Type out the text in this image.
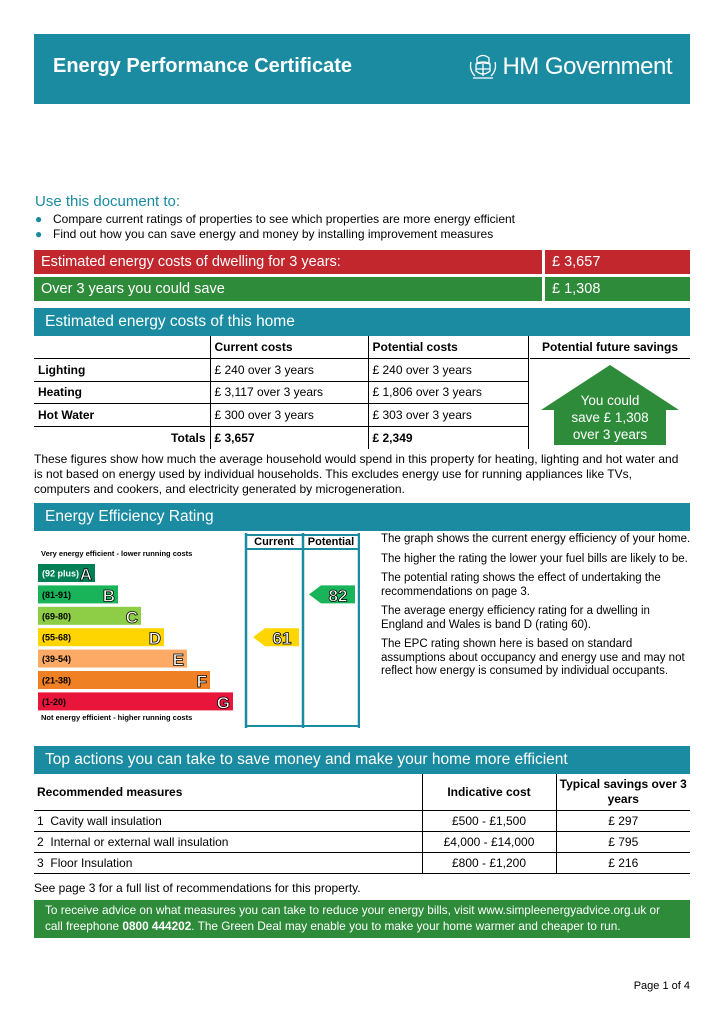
Energy Performance Certificate	HM Government
Use this document to:
● Compare current ratings of properties to see which properties are more energy efficient
● Find out how you can save energy and money by installing improvement measures
Estimated energy costs of dwelling for 3 years:	£ 3,657
Over 3 years you could save	£ 1,308
Estimated energy costs of this home
	Current costs	Potential costs	
Lighting	£ 240 over 3 years	£ 240 over 3 years	
Heating	£ 3,117 over 3 years	£ 1,806 over 3 years	
Hot Water	£ 300 over 3 years	£ 303 over 3 years	
Totals	£ 3,657	£ 2,349	
Potential future savings
You could
save £ 1,308
over 3 years
These figures show how much the average household would spend in this property for heating, lighting and hot water and is not based on energy used by individual households. This excludes energy use for running appliances like TVs, computers and cookers, and electricity generated by microgeneration.
Energy Efficiency Rating
Current Potential
Very energy efficient - lower running costs
Not energy efficient - higher running costs
(92 plus) A
(81-91) B
(69-80)	C
(55-68)	D
(39-54)	E
(21-38)	F
(1-20)	G
61
82

The graph shows the current energy efficiency of your home.

The higher the rating the lower your fuel bills are likely to be.

The potential rating shows the effect of undertaking the recommendations on page 3.

The average energy efficiency rating for a dwelling in England and Wales is band D (rating 60).

The EPC rating shown here is based on standard assumptions about occupancy and energy use and may not reflect how energy is consumed by individual occupants.

Top actions you can take to save money and make your home more efficient
Recommended measures	Indicative cost	Typical savings over 3 years
1 Cavity wall insulation	£500 - £1,500	£ 297
2 Internal or external wall insulation	£4,000 - £14,000	£ 795
3 Floor Insulation	£800 - £1,200	£ 216
See page 3 for a full list of recommendations for this property.
To receive advice on what measures you can take to reduce your energy bills, visit www.simpleenergyadvice.org.uk or call freephone 0800 444202. The Green Deal may enable you to make your home warmer and cheaper to run.
Page 1 of 4
